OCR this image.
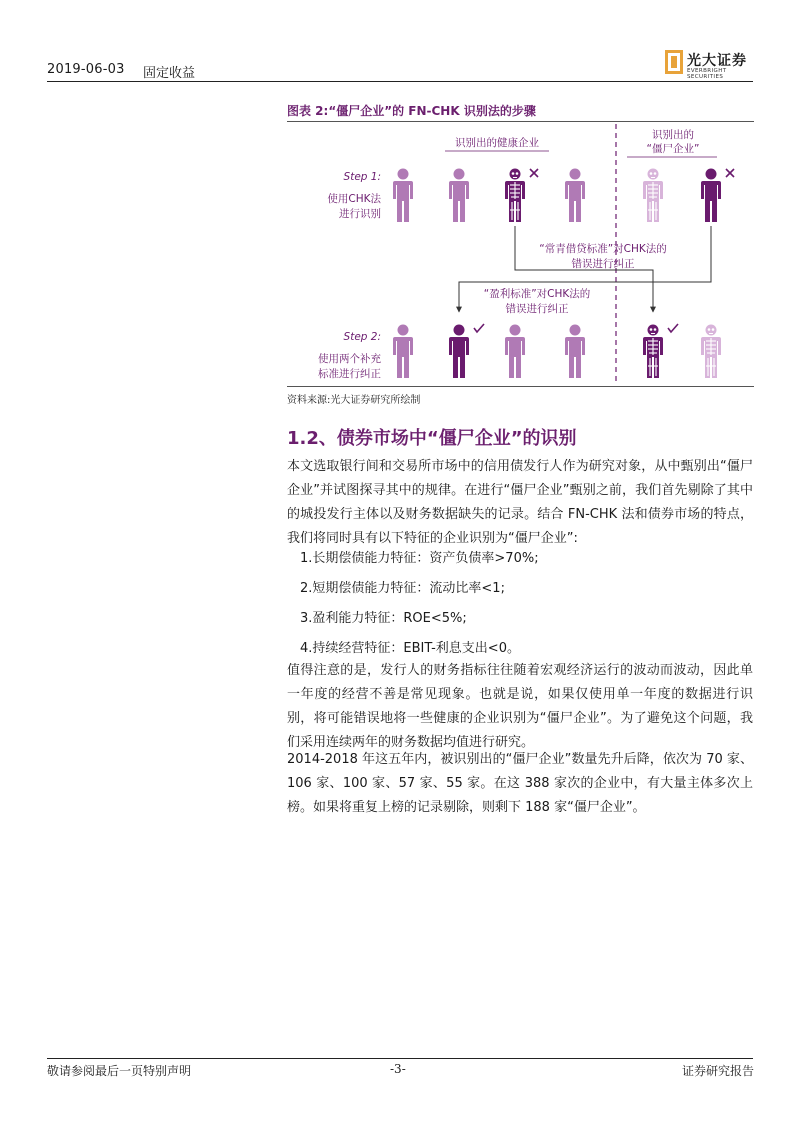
2019-06-03 固定收益
光大证券
EVERBRIGHT SECURITIES
图表 2:“僵尸企业”的 FN-CHK 识别法的步骤
识别出的健康企业
识别出的
“僵尸企业”
Step 1:
使用CHK法
进行识别
“常青借贷标准”对CHK法的
错误进行纠正
“盈利标准”对CHK法的
错误进行纠正
Step 2:
使用两个补充
标准进行纠正
资料来源:光大证券研究所绘制
1.2、债券市场中“僵尸企业”的识别
本文选取银行间和交易所市场中的信用债发行人作为研究对象，从中甄别出“僵尸企业”并试图探寻其中的规律。在进行“僵尸企业”甄别之前，我们首先剔除了其中的城投发行主体以及财务数据缺失的记录。结合 FN-CHK 法和债券市场的特点，我们将同时具有以下特征的企业识别为“僵尸企业”:
1.长期偿债能力特征：资产负债率>70%;
2.短期偿债能力特征：流动比率<1;
3.盈利能力特征：ROE<5%;
4.持续经营特征：EBIT-利息支出<0。
值得注意的是，发行人的财务指标往往随着宏观经济运行的波动而波动，因此单一年度的经营不善是常见现象。也就是说，如果仅使用单一年度的数据进行识别，将可能错误地将一些健康的企业识别为“僵尸企业”。为了避免这个问题，我们采用连续两年的财务数据均值进行研究。
2014-2018 年这五年内，被识别出的“僵尸企业”数量先升后降，依次为 70 家、106 家、100 家、57 家、55 家。在这 388 家次的企业中，有大量主体多次上榜。如果将重复上榜的记录剔除，则剩下 188 家“僵尸企业”。
敬请参阅最后一页特别声明	-3-	证券研究报告
